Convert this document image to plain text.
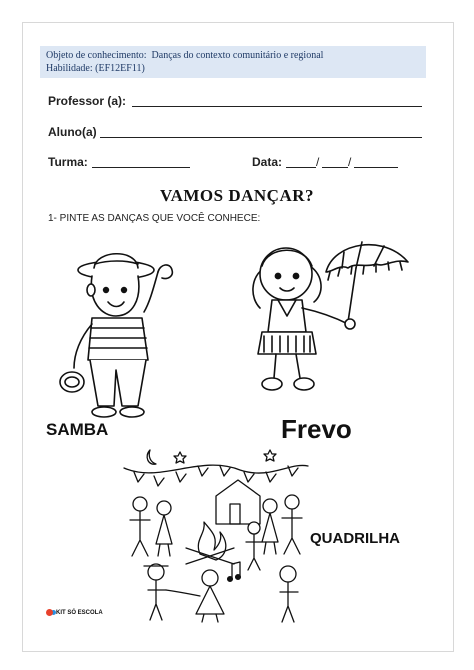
Objeto de conhecimento: Danças do contexto comunitário e regional
Habilidade: (EF12EF11)
Professor (a):
Aluno(a)
Turma:	Data:	/ /
VAMOS DANÇAR?
1- PINTE AS DANÇAS QUE VOCÊ CONHECE:
SAMBA	Frevo
QUADRILHA
KIT SÓ ESCOLA
